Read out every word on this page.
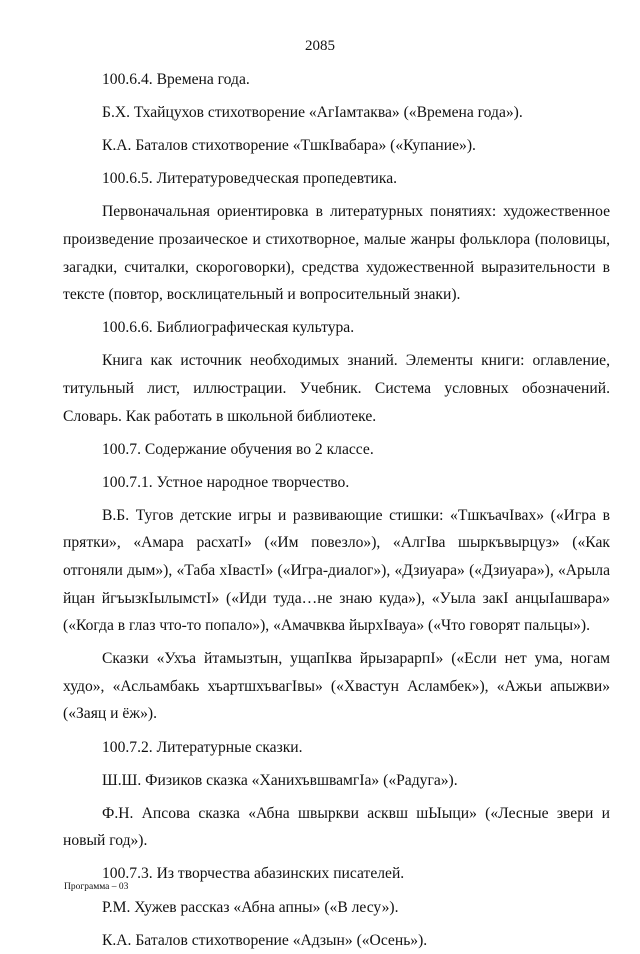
2085

100.6.4. Времена года.

Б.Х. Тхайцухов стихотворение «АгӀамтаква» («Времена года»).

К.А. Баталов стихотворение «ТшкӀвабара» («Купание»).

100.6.5. Литературоведческая пропедевтика.

Первоначальная ориентировка в литературных понятиях: художественное произведение прозаическое и стихотворное, малые жанры фольклора (половицы, загадки, считалки, скороговорки), средства художественной выразительности в тексте (повтор, восклицательный и вопросительный знаки).

100.6.6. Библиографическая культура.

Книга как источник необходимых знаний. Элементы книги: оглавление, титульный лист, иллюстрации. Учебник. Система условных обозначений. Словарь. Как работать в школьной библиотеке.

100.7. Содержание обучения во 2 классе.

100.7.1. Устное народное творчество.

В.Б. Тугов детские игры и развивающие стишки: «ТшкъачӀвах» («Игра в прятки», «Амара расхатӀ» («Им повезло»), «АлгӀва шыркъвырцуз» («Как отгоняли дым»), «Таба хӀвастӀ» («Игра-диалог»), «Дзиуара» («Дзиуара»), «Арыла йцан йгъызкӀылымстӀ» («Иди туда…не знаю куда»), «Уыла закӀ анцыӀашвара» («Когда в глаз что-то попало»), «Амачвква йырхӀвауа» («Что говорят пальцы»).

Сказки «Ухъа йтамызтын, ущапӀква йрызарарпӀ» («Если нет ума, ногам худо», «Асльамбакь хъартшхъвагӀвы» («Хвастун Асламбек»), «Ажьи апыжви» («Заяц и ёж»).

100.7.2. Литературные сказки.

Ш.Ш. Физиков сказка «ХанихъвшвамгӀа» («Радуга»).

Ф.Н. Апсова сказка «Абна швыркви асквш шЫыци» («Лесные звери и новый год»).

100.7.3. Из творчества абазинских писателей.

Р.М. Хужев рассказ «Абна апны» («В лесу»).

К.А. Баталов стихотворение «Адзын» («Осень»).

Программа – 03
